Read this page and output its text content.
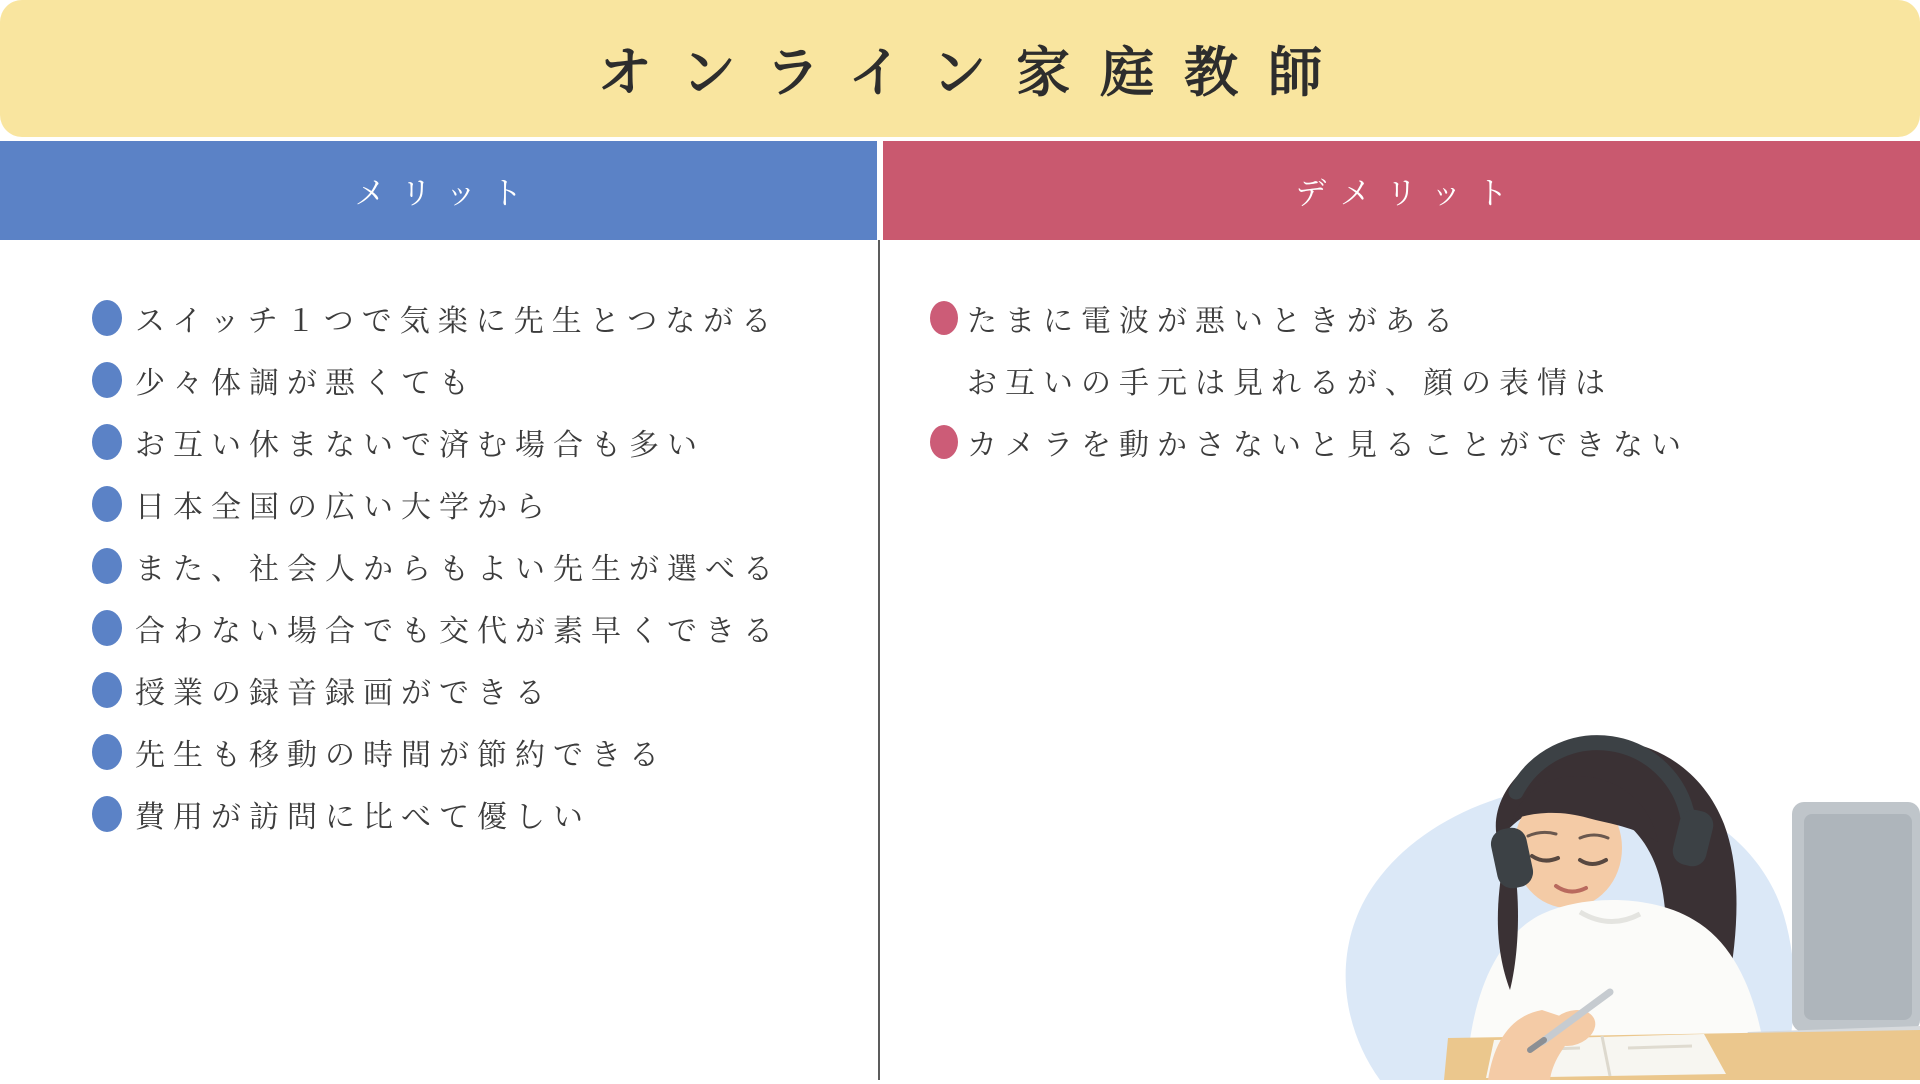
オンライン家庭教師
メリット	デメリット
スイッチ１つで気楽に先生とつながる
少々体調が悪くても
お互い休まないで済む場合も多い
日本全国の広い大学から
また、社会人からもよい先生が選べる
合わない場合でも交代が素早くできる
授業の録音録画ができる
先生も移動の時間が節約できる
費用が訪問に比べて優しい
たまに電波が悪いときがある
お互いの手元は見れるが、顔の表情は
カメラを動かさないと見ることができない
